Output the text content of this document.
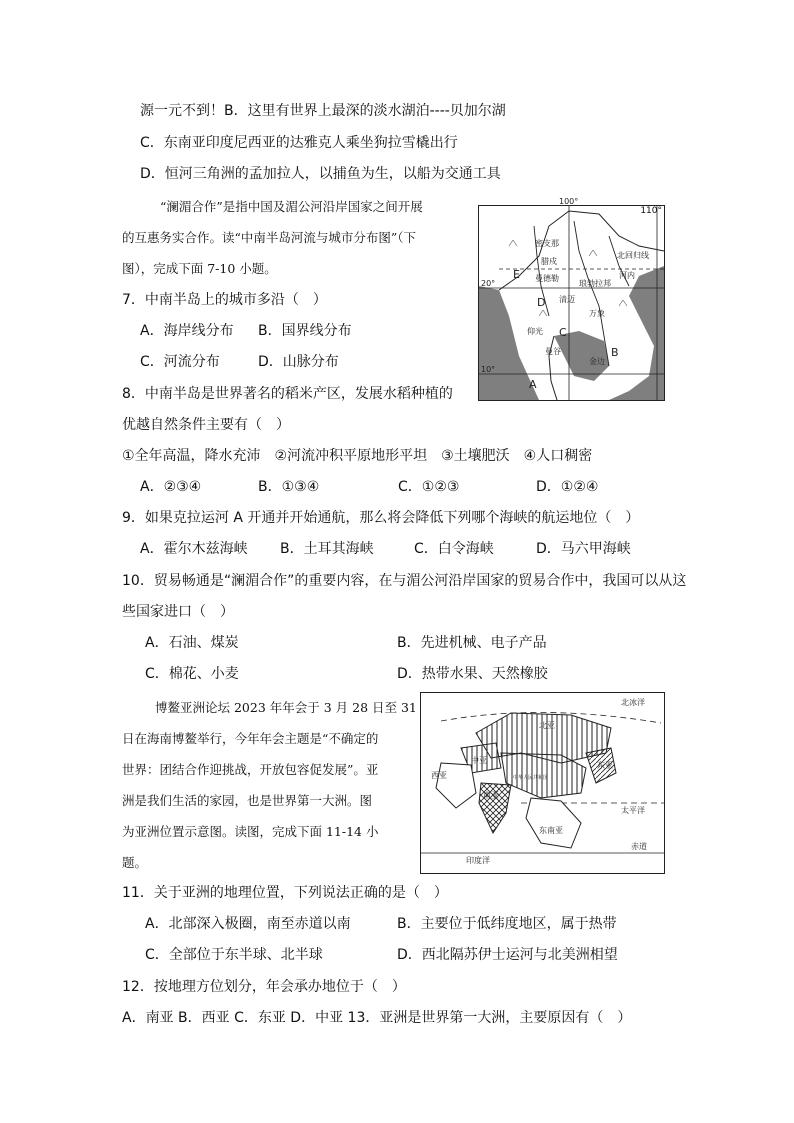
源一元不到！B．这里有世界上最深的淡水湖泊----贝加尔湖
C．东南亚印度尼西亚的达雅克人乘坐狗拉雪橇出行
D．恒河三角洲的孟加拉人，以捕鱼为生，以船为交通工具
“澜湄合作”是指中国及湄公河沿岸国家之间开展
的互惠务实合作。读“中南半岛河流与城市分布图”（下
图），完成下面 7-10 小题。
100°
20°
10°
北回归线
密支那
曼德勒
腊戍
仰光
琅勃拉邦
河内
清迈
万象
曼谷
金边
A
B
C
D
E
110°
7．中南半岛上的城市多沿（　）
A．海岸线分布 B．国界线分布
C．河流分布	D．山脉分布
8．中南半岛是世界著名的稻米产区，发展水稻种植的
优越自然条件主要有（　）
①全年高温，降水充沛　②河流冲积平原地形平坦　③土壤肥沃　④人口稠密
A．②③④	B．①③④	C．①②③	D．①②④
9．如果克拉运河 A 开通并开始通航，那么将会降低下列哪个海峡的航运地位（　）
A．霍尔木兹海峡 B．土耳其海峡	C．白令海峡	D．马六甲海峡
10．贸易畅通是“澜湄合作”的重要内容，在与湄公河沿岸国家的贸易合作中，我国可以从这
些国家进口（　）
A．石油、煤炭	B．先进机械、电子产品
C．棉花、小麦	D．热带水果、天然橡胶
博鳌亚洲论坛 2023 年年会于 3 月 28 日至 31
日在海南博鳌举行，今年年会主题是“不确定的
世界：团结合作迎挑战，开放包容促发展”。亚
洲是我们生活的家园，也是世界第一大洲。图
为亚洲位置示意图。读图，完成下面 11-14 小
题。
北亚
中亚
西亚
南亚
东亚
东南亚
中华人民共和国
北冰洋
太平洋
印度洋
赤道
11．关于亚洲的地理位置，下列说法正确的是（　）
A．北部深入极圈，南至赤道以南	B．主要位于低纬度地区，属于热带
C．全部位于东半球、北半球	D．西北隔苏伊士运河与北美洲相望
12．按地理方位划分，年会承办地位于（　）
A．南亚 B．西亚 C．东亚 D．中亚 13．亚洲是世界第一大洲，主要原因有（　）
